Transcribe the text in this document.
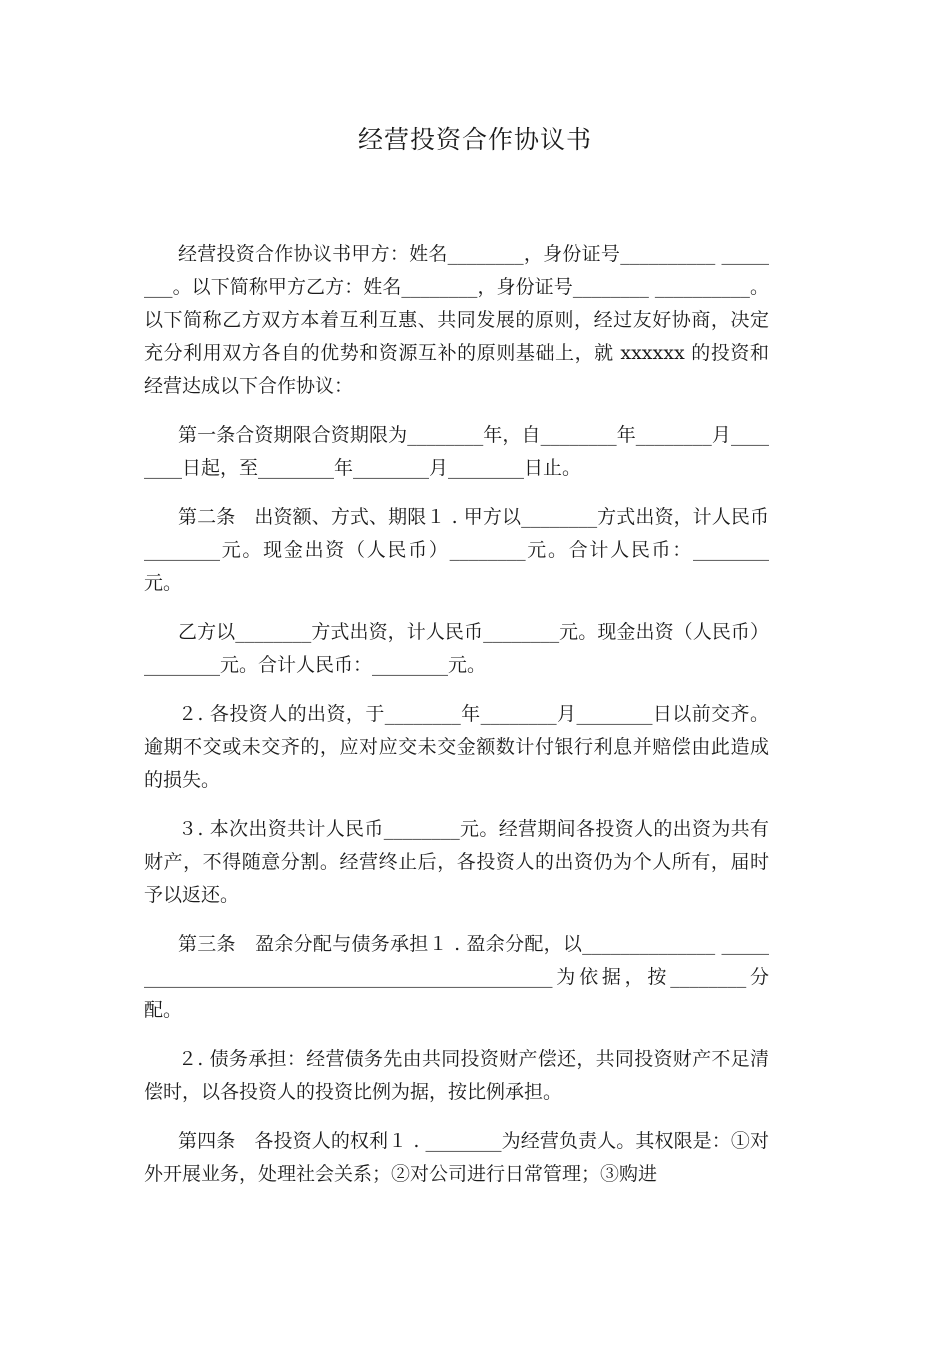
经营投资合作协议书

经营投资合作协议书甲方：姓名________，身份证号__________ ________。以下简称甲方乙方：姓名________，身份证号________ __________。以下简称乙方双方本着互利互惠、共同发展的原则，经过友好协商，决定充分利用双方各自的优势和资源互补的原则基础上，就 xxxxxx 的投资和经营达成以下合作协议：

第一条合资期限合资期限为________年，自________年________月________日起，至________年________月________日止。

第二条　出资额、方式、期限１ . 甲方以________方式出资，计人民币________元。现金出资（人民币）________元。合计人民币：________元。

乙方以________方式出资，计人民币________元。现金出资（人民币）________元。合计人民币：________元。

２. 各投资人的出资，于________年________月________日以前交齐。逾期不交或未交齐的，应对应交未交金额数计付银行利息并赔偿由此造成的损失。

３. 本次出资共计人民币________元。经营期间各投资人的出资为共有财产，不得随意分割。经营终止后，各投资人的出资仍为个人所有，届时予以返还。

第三条　盈余分配与债务承担１ . 盈余分配，以______________ ________________________________________________为依据，按________分配。

２. 债务承担：经营债务先由共同投资财产偿还，共同投资财产不足清偿时，以各投资人的投资比例为据，按比例承担。

第四条　各投资人的权利１ . ________为经营负责人。其权限是：①对外开展业务，处理社会关系；②对公司进行日常管理；③购进
